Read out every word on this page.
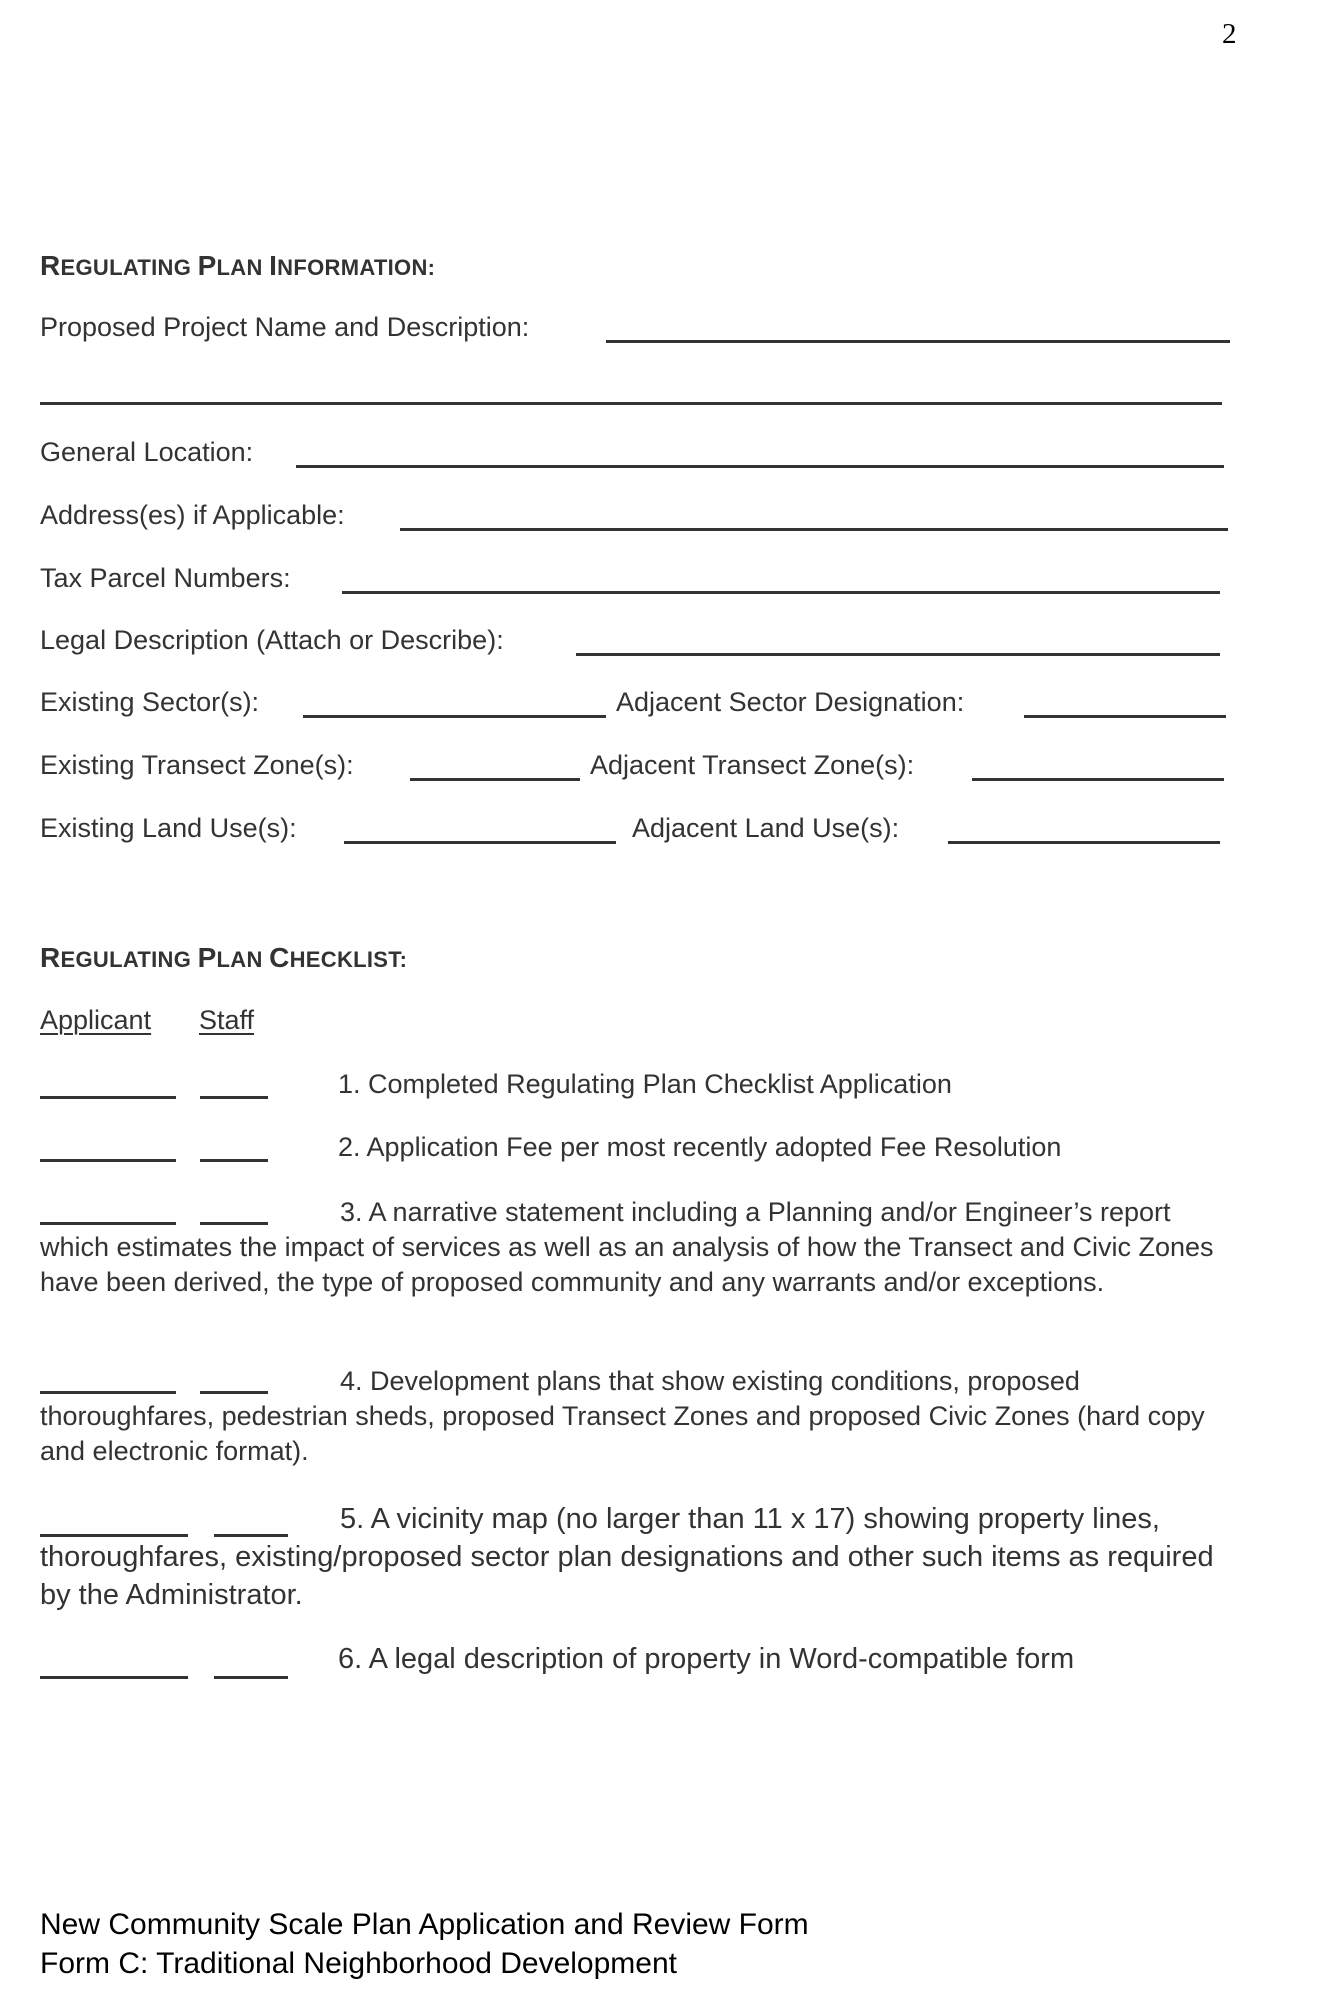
2
REGULATING PLAN INFORMATION:
Proposed Project Name and Description:
General Location:
Address(es) if Applicable:
Tax Parcel Numbers:
Legal Description (Attach or Describe):
Existing Sector(s):	Adjacent Sector Designation:
Existing Transect Zone(s):	Adjacent Transect Zone(s):
Existing Land Use(s):	Adjacent Land Use(s):
REGULATING PLAN CHECKLIST:
Applicant Staff
1. Completed Regulating Plan Checklist Application
2. Application Fee per most recently adopted Fee Resolution
3. A narrative statement including a Planning and/or Engineer’s report which estimates the impact of services as well as an analysis of how the Transect and Civic Zones have been derived, the type of proposed community and any warrants and/or exceptions.
4. Development plans that show existing conditions, proposed thoroughfares, pedestrian sheds, proposed Transect Zones and proposed Civic Zones (hard copy and electronic format).
5. A vicinity map (no larger than 11 x 17) showing property lines, thoroughfares, existing/proposed sector plan designations and other such items as required by the Administrator.
6. A legal description of property in Word-compatible form
New Community Scale Plan Application and Review Form
Form C: Traditional Neighborhood Development
